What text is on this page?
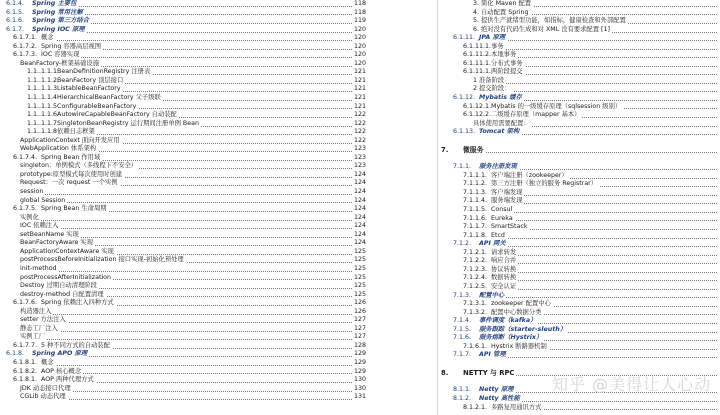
6.1.4. Spring 主要包	118
6.1.5. Spring 常用注解	118
6.1.6. Spring 第三方结合	119
6.1.7. Spring IOC 原理	120
6.1.7.1. 概念	120
6.1.7.2. Spring 容器高层视图	120
6.1.7.3. IOC 容器实现	120
BeanFactory-框架基础设施	120
1.1..1.1.1BeanDefinitionRegistry 注册表	121
1.1..1.1.2BeanFactory 顶层接口	121
1.1..1.1.3ListableBeanFactory	121
1.1..1.1.4HierarchicalBeanFactory 父子级联	121
1.1..1.1.5ConfigurableBeanFactory	121
1.1..1.1.6AutowireCapableBeanFactory 自动装配	122
1.1..1.1.7SingletonBeanRegistry 运行期间注册单例 Bean	122
1.1..1.1.8依赖日志框架	122
ApplicationContext 面向开发应用	122
WebApplication 体系架构	123
6.1.7.4. Spring Bean 作用域	123
singleton：单例模式（多线程下不安全）	123
prototype:原型模式每次使用时创建	124
Request：一次 request 一个实例	124
session	124
global Session	124
6.1.7.5. Spring Bean 生命周期	124
实例化	124
IOC 依赖注入	124
setBeanName 实现	124
BeanFactoryAware 实现	124
ApplicationContextAware 实现	125
postProcessBeforeInitialization 接口实现-初始化预处理	125
init-method	125
postProcessAfterInitialization	125
Destroy 过期自动清理阶段	125
destroy-method 自配置清理	125
6.1.7.6. Spring 依赖注入四种方式	126
构造器注入	126
setter 方法注入	127
静态工厂注入	127
实例工厂	127
6.1.7.7. 5 种不同方式的自动装配	128
6.1.8. Spring APO 原理	129
6.1.8.1. 概念	129
6.1.8.2. AOP 核心概念	129
6.1.8.1. AOP 两种代理方式	130
JDK 动态接口代理	130
CGLib 动态代理	131
3. 简化 Maven 配置
4. 自动配置 Spring
5. 提供生产就绪型功能，如指标，健康检查和外部配置
6. 绝对没有代码生成和对 XML 没有要求配置 [1]
6.1.11. JPA 原理
6.1.11.1.事务
6.1.11.2.本地事务
6.1.11.1.分布式事务
6.1.11.1.两阶段提交
1 准备阶段
2 提交阶段：
6.1.12. Mybatis 缓存
6.1.12.1.Mybatis 的一级缓存原理（sqlsession 级别）
6.1.12.2.二级缓存原理（mapper 基本）
具体使用需要配置：
6.1.13. Tomcat 架构
7. 微服务
7.1.1. 服务注册发现
7.1.1.1. 客户端注册（zookeeper）
7.1.1.2. 第三方注册（独立的服务 Registrar）
7.1.1.3. 客户端发现
7.1.1.4. 服务端发现
7.1.1.5. Consul
7.1.1.6. Eureka
7.1.1.7. SmartStack
7.1.1.8. Etcd
7.1.2. API 网关
7.1.2.1. 请求转发
7.1.2.2. 响应合并
7.1.2.3. 协议转换
7.1.2.4. 数据转换
7.1.2.5. 安全认证
7.1.3. 配置中心
7.1.3.1. zookeeper 配置中心
7.1.3.2. 配置中心数据分类
7.1.4. 事件调度（kafka）
7.1.5. 服务跟踪（starter-sleuth）
7.1.6. 服务熔断（Hystrix）
7.1.6.1. Hystrix 断路器机制
7.1.7. API 管理
8. NETTY 与 RPC
8.1.1. Netty 原理
8.1.2. Netty 高性能
8.1.2.1. 多路复用通讯方式
知乎 @美得让人心动
